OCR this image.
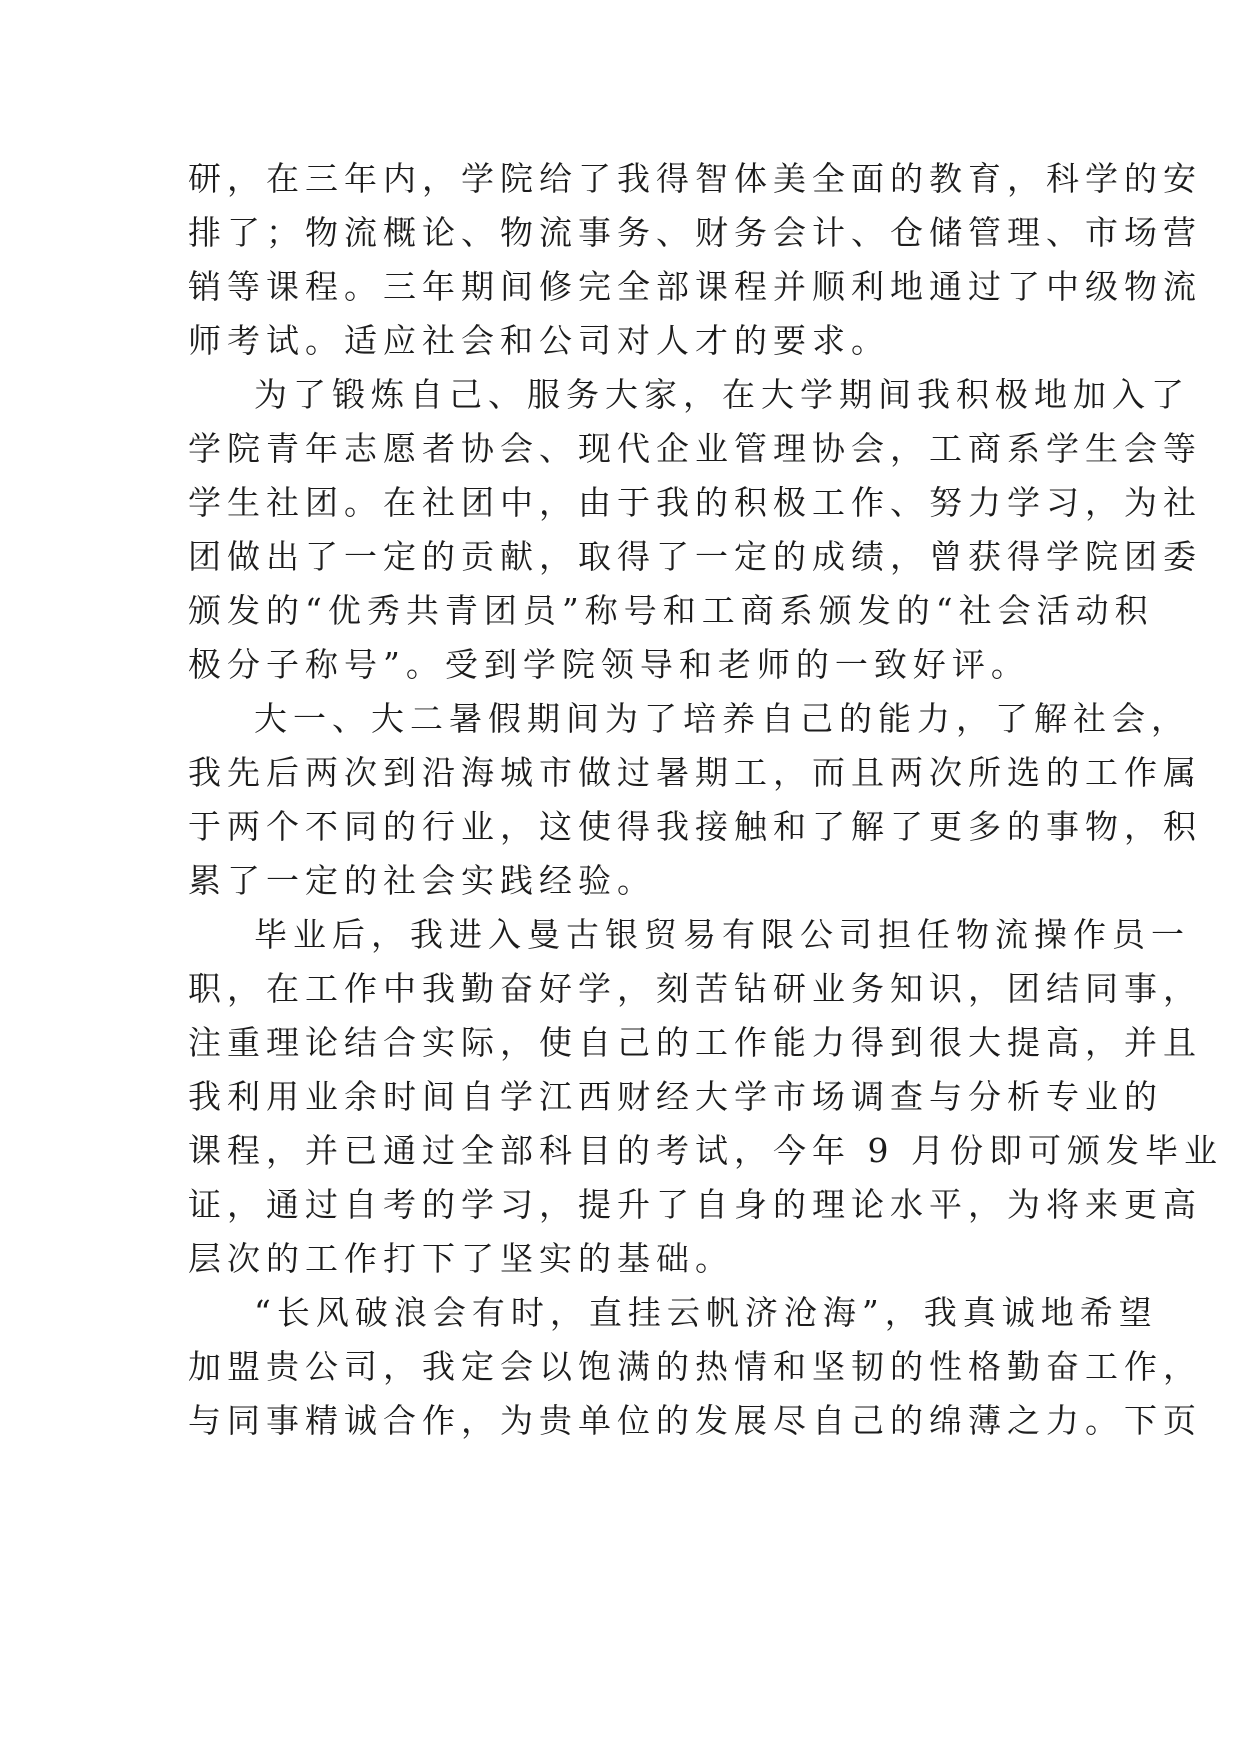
研，在三年内，学院给了我得智体美全面的教育，科学的安
排了；物流概论、物流事务、财务会计、仓储管理、市场营
销等课程。三年期间修完全部课程并顺利地通过了中级物流
师考试。适应社会和公司对人才的要求。
为了锻炼自己、服务大家，在大学期间我积极地加入了
学院青年志愿者协会、现代企业管理协会，工商系学生会等
学生社团。在社团中，由于我的积极工作、努力学习，为社
团做出了一定的贡献，取得了一定的成绩，曾获得学院团委
颁发的“优秀共青团员”称号和工商系颁发的“社会活动积
极分子称号”。受到学院领导和老师的一致好评。
大一、大二暑假期间为了培养自己的能力，了解社会，
我先后两次到沿海城市做过暑期工，而且两次所选的工作属
于两个不同的行业，这使得我接触和了解了更多的事物，积
累了一定的社会实践经验。
毕业后，我进入曼古银贸易有限公司担任物流操作员一
职，在工作中我勤奋好学，刻苦钻研业务知识，团结同事，
注重理论结合实际，使自己的工作能力得到很大提高，并且
我利用业余时间自学江西财经大学市场调查与分析专业的
课程，并已通过全部科目的考试，今年 9 月份即可颁发毕业
证，通过自考的学习，提升了自身的理论水平，为将来更高
层次的工作打下了坚实的基础。
“长风破浪会有时，直挂云帆济沧海”，我真诚地希望
加盟贵公司，我定会以饱满的热情和坚韧的性格勤奋工作，
与同事精诚合作，为贵单位的发展尽自己的绵薄之力。下页
